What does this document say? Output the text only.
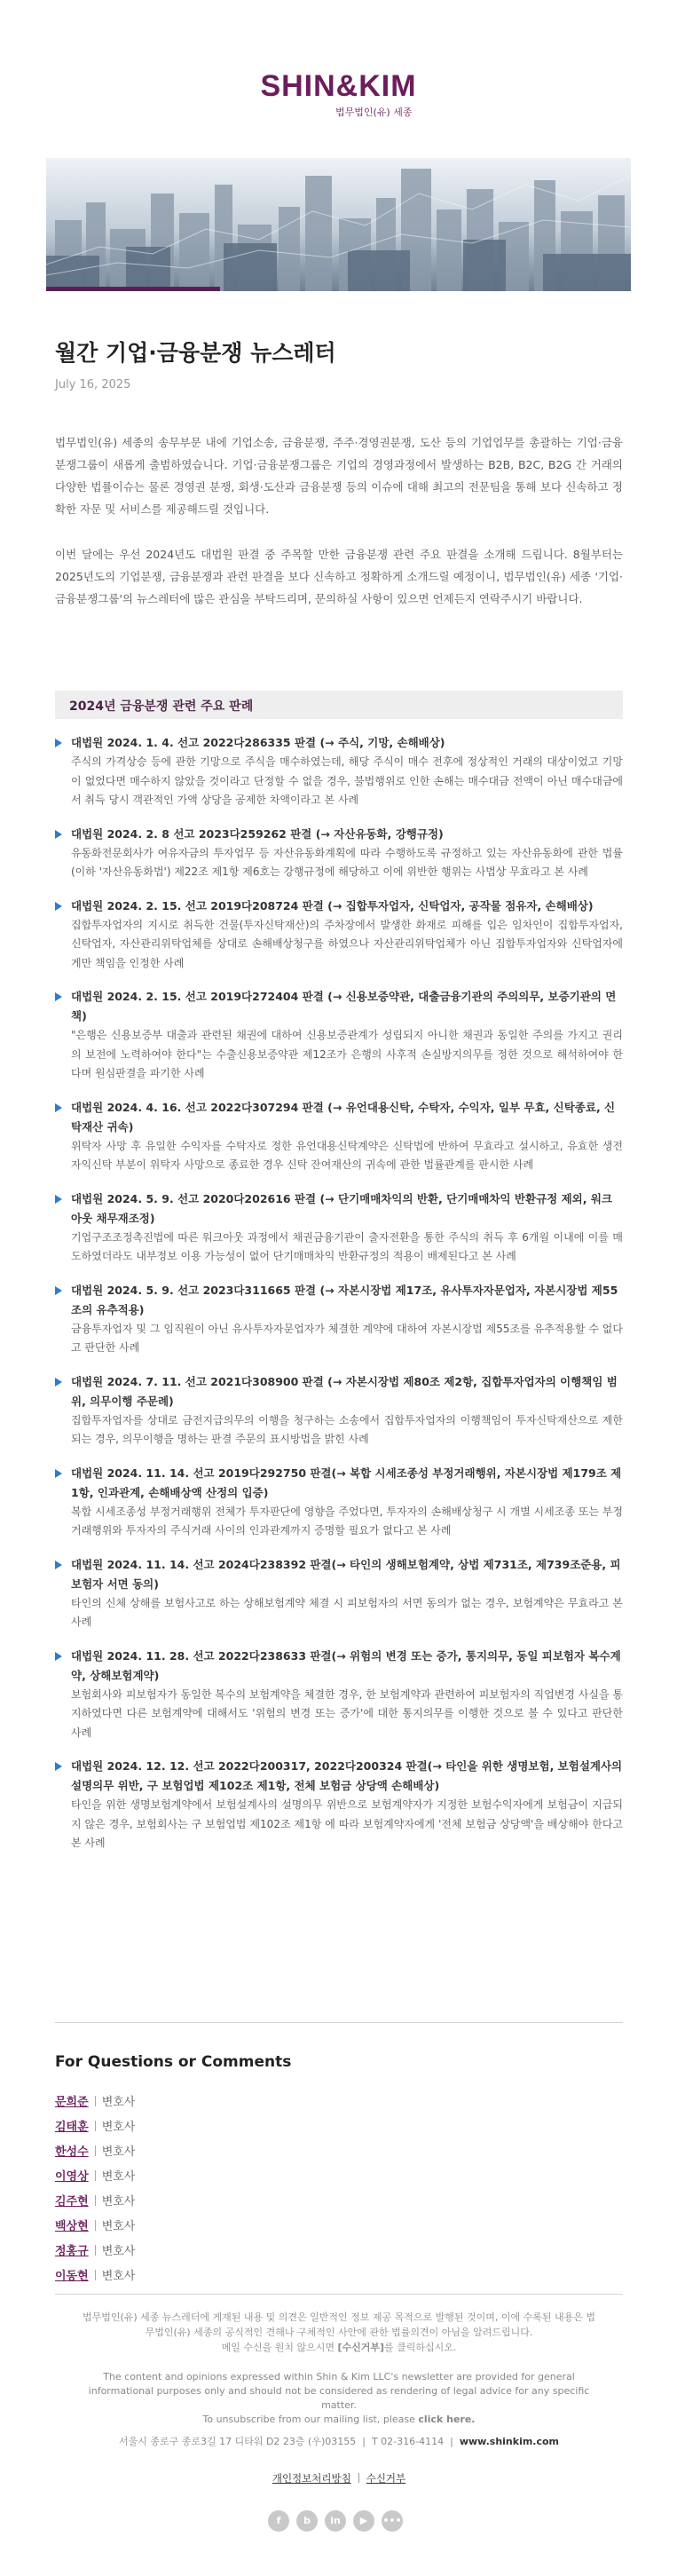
SHIN&KIM
법무법인(유) 세종
월간 기업·금융분쟁 뉴스레터
July 16, 2025
법무법인(유) 세종의 송무부문 내에 기업소송, 금융분쟁, 주주·경영권분쟁, 도산 등의 기업업무를 총괄하는 기업·금융분쟁그룹이 새롭게 출범하였습니다. 기업·금융분쟁그룹은 기업의 경영과정에서 발생하는 B2B, B2C, B2G 간 거래의 다양한 법률이슈는 물론 경영권 분쟁, 회생·도산과 금융분쟁 등의 이슈에 대해 최고의 전문팀을 통해 보다 신속하고 정확한 자문 및 서비스를 제공해드릴 것입니다.
이번 달에는 우선 2024년도 대법원 판결 중 주목할 만한 금융분쟁 관련 주요 판결을 소개해 드립니다. 8월부터는 2025년도의 기업분쟁, 금융분쟁과 관련 판결을 보다 신속하고 정확하게 소개드릴 예정이니, 법무법인(유) 세종 '기업·금융분쟁그룹'의 뉴스레터에 많은 관심을 부탁드리며, 문의하실 사항이 있으면 언제든지 연락주시기 바랍니다.
2024년 금융분쟁 관련 주요 판례
대법원 2024. 1. 4. 선고 2022다286335 판결 (→ 주식, 기망, 손해배상)
주식의 가격상승 등에 관한 기망으로 주식을 매수하였는데, 해당 주식이 매수 전후에 정상적인 거래의 대상이었고 기망이 없었다면 매수하지 않았을 것이라고 단정할 수 없을 경우, 불법행위로 인한 손해는 매수대금 전액이 아닌 매수대금에서 취득 당시 객관적인 가액 상당을 공제한 차액이라고 본 사례
대법원 2024. 2. 8 선고 2023다259262 판결 (→ 자산유동화, 강행규정)
유동화전문회사가 여유자금의 투자업무 등 자산유동화계획에 따라 수행하도록 규정하고 있는 자산유동화에 관한 법률(이하 '자산유동화법') 제22조 제1항 제6호는 강행규정에 해당하고 이에 위반한 행위는 사법상 무효라고 본 사례
대법원 2024. 2. 15. 선고 2019다208724 판결 (→ 집합투자업자, 신탁업자, 공작물 점유자, 손해배상)
집합투자업자의 지시로 취득한 건물(투자신탁재산)의 주차장에서 발생한 화재로 피해를 입은 임차인이 집합투자업자, 신탁업자, 자산관리위탁업체를 상대로 손해배상청구를 하였으나 자산관리위탁업체가 아닌 집합투자업자와 신탁업자에게만 책임을 인정한 사례
대법원 2024. 2. 15. 선고 2019다272404 판결 (→ 신용보증약관, 대출금융기관의 주의의무, 보증기관의 면책)
"은행은 신용보증부 대출과 관련된 채권에 대하여 신용보증관계가 성립되지 아니한 채권과 동일한 주의를 가지고 권리의 보전에 노력하여야 한다"는 수출신용보증약관 제12조가 은행의 사후적 손실방지의무를 정한 것으로 해석하여야 한다며 원심판결을 파기한 사례
대법원 2024. 4. 16. 선고 2022다307294 판결 (→ 유언대용신탁, 수탁자, 수익자, 일부 무효, 신탁종료, 신탁재산 귀속)
위탁자 사망 후 유일한 수익자를 수탁자로 정한 유언대용신탁계약은 신탁법에 반하여 무효라고 설시하고, 유효한 생전 자익신탁 부분이 위탁자 사망으로 종료한 경우 신탁 잔여재산의 귀속에 관한 법률관계를 판시한 사례
대법원 2024. 5. 9. 선고 2020다202616 판결 (→ 단기매매차익의 반환, 단기매매차익 반환규정 제외, 워크아웃 채무재조정)
기업구조조정촉진법에 따른 워크아웃 과정에서 채권금융기관이 출자전환을 통한 주식의 취득 후 6개월 이내에 이를 매도하였더라도 내부정보 이용 가능성이 없어 단기매매차익 반환규정의 적용이 배제된다고 본 사례
대법원 2024. 5. 9. 선고 2023다311665 판결 (→ 자본시장법 제17조, 유사투자자문업자, 자본시장법 제55조의 유추적용)
금융투자업자 및 그 임직원이 아닌 유사투자자문업자가 체결한 계약에 대하여 자본시장법 제55조를 유추적용할 수 없다고 판단한 사례
대법원 2024. 7. 11. 선고 2021다308900 판결 (→ 자본시장법 제80조 제2항, 집합투자업자의 이행책임 범위, 의무이행 주문례)
집합투자업자를 상대로 금전지급의무의 이행을 청구하는 소송에서 집합투자업자의 이행책임이 투자신탁재산으로 제한되는 경우, 의무이행을 명하는 판결 주문의 표시방법을 밝힌 사례
대법원 2024. 11. 14. 선고 2019다292750 판결(→ 복합 시세조종성 부정거래행위, 자본시장법 제179조 제1항, 인과관계, 손해배상액 산정의 입증)
복합 시세조종성 부정거래행위 전체가 투자판단에 영향을 주었다면, 투자자의 손해배상청구 시 개별 시세조종 또는 부정거래행위와 투자자의 주식거래 사이의 인과관계까지 증명할 필요가 없다고 본 사례
대법원 2024. 11. 14. 선고 2024다238392 판결(→ 타인의 생해보험계약, 상법 제731조, 제739조준용, 피보험자 서면 동의)
타인의 신체 상해를 보험사고로 하는 상해보험계약 체결 시 피보험자의 서면 동의가 없는 경우, 보험계약은 무효라고 본 사례
대법원 2024. 11. 28. 선고 2022다238633 판결(→ 위험의 변경 또는 증가, 통지의무, 동일 피보험자 복수계약, 상해보험계약)
보험회사와 피보험자가 동일한 복수의 보험계약을 체결한 경우, 한 보험계약과 관련하여 피보험자의 직업변경 사실을 통지하였다면 다른 보험계약에 대해서도 '위험의 변경 또는 증가'에 대한 통지의무를 이행한 것으로 볼 수 있다고 판단한 사례
대법원 2024. 12. 12. 선고 2022다200317, 2022다200324 판결(→ 타인을 위한 생명보험, 보험설계사의 설명의무 위반, 구 보험업법 제102조 제1항, 전체 보험금 상당액 손해배상)
타인을 위한 생명보험계약에서 보험설계사의 설명의무 위반으로 보험계약자가 지정한 보험수익자에게 보험금이 지급되지 않은 경우, 보험회사는 구 보험업법 제102조 제1항 에 따라 보험계약자에게 '전체 보험금 상당액'을 배상해야 한다고 본 사례
For Questions or Comments
문희준 변호사
김태훈 변호사
한성수 변호사
이영상 변호사
김주현 변호사
백상현 변호사
정홍규 변호사
이동현 변호사
법무법인(유) 세종 뉴스레터에 게재된 내용 및 의견은 일반적인 정보 제공 목적으로 발행된 것이며, 이에 수록된 내용은 법무법인(유) 세종의 공식적인 견해나 구체적인 사안에 관한 법률의견이 아님을 알려드립니다.
메일 수신을 원치 않으시면 [수신거부]를 클릭하십시오.
The content and opinions expressed within Shin & Kim LLC's newsletter are provided for general informational purposes only and should not be considered as rendering of legal advice for any specific matter.
To unsubscribe from our mailing list, please click here.
서울시 종로구 종로3길 17 디타워 D2 23층 (우)03155  |  T 02-316-4114  |  www.shinkim.com
개인정보처리방침 수신거부
f	b	in	▶	•••
